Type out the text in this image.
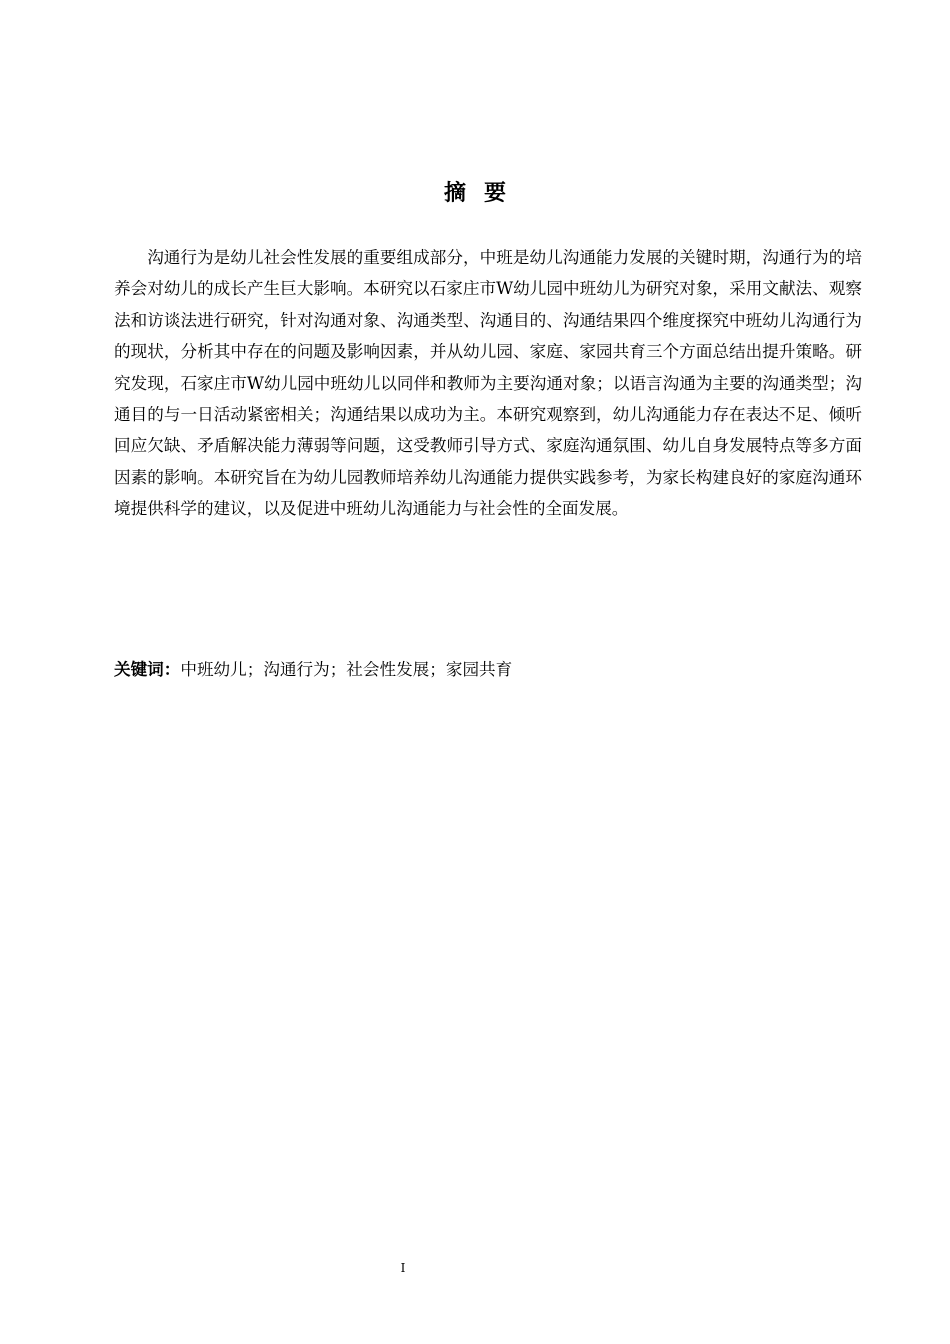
摘要

沟通行为是幼儿社会性发展的重要组成部分，中班是幼儿沟通能力发展的关键时期，沟通行为的培养会对幼儿的成长产生巨大影响。本研究以石家庄市W幼儿园中班幼儿为研究对象，采用文献法、观察法和访谈法进行研究，针对沟通对象、沟通类型、沟通目的、沟通结果四个维度探究中班幼儿沟通行为的现状，分析其中存在的问题及影响因素，并从幼儿园、家庭、家园共育三个方面总结出提升策略。研究发现，石家庄市W幼儿园中班幼儿以同伴和教师为主要沟通对象；以语言沟通为主要的沟通类型；沟通目的与一日活动紧密相关；沟通结果以成功为主。本研究观察到，幼儿沟通能力存在表达不足、倾听回应欠缺、矛盾解决能力薄弱等问题，这受教师引导方式、家庭沟通氛围、幼儿自身发展特点等多方面因素的影响。本研究旨在为幼儿园教师培养幼儿沟通能力提供实践参考，为家长构建良好的家庭沟通环境提供科学的建议，以及促进中班幼儿沟通能力与社会性的全面发展。

关键词：中班幼儿；沟通行为；社会性发展；家园共育

I
